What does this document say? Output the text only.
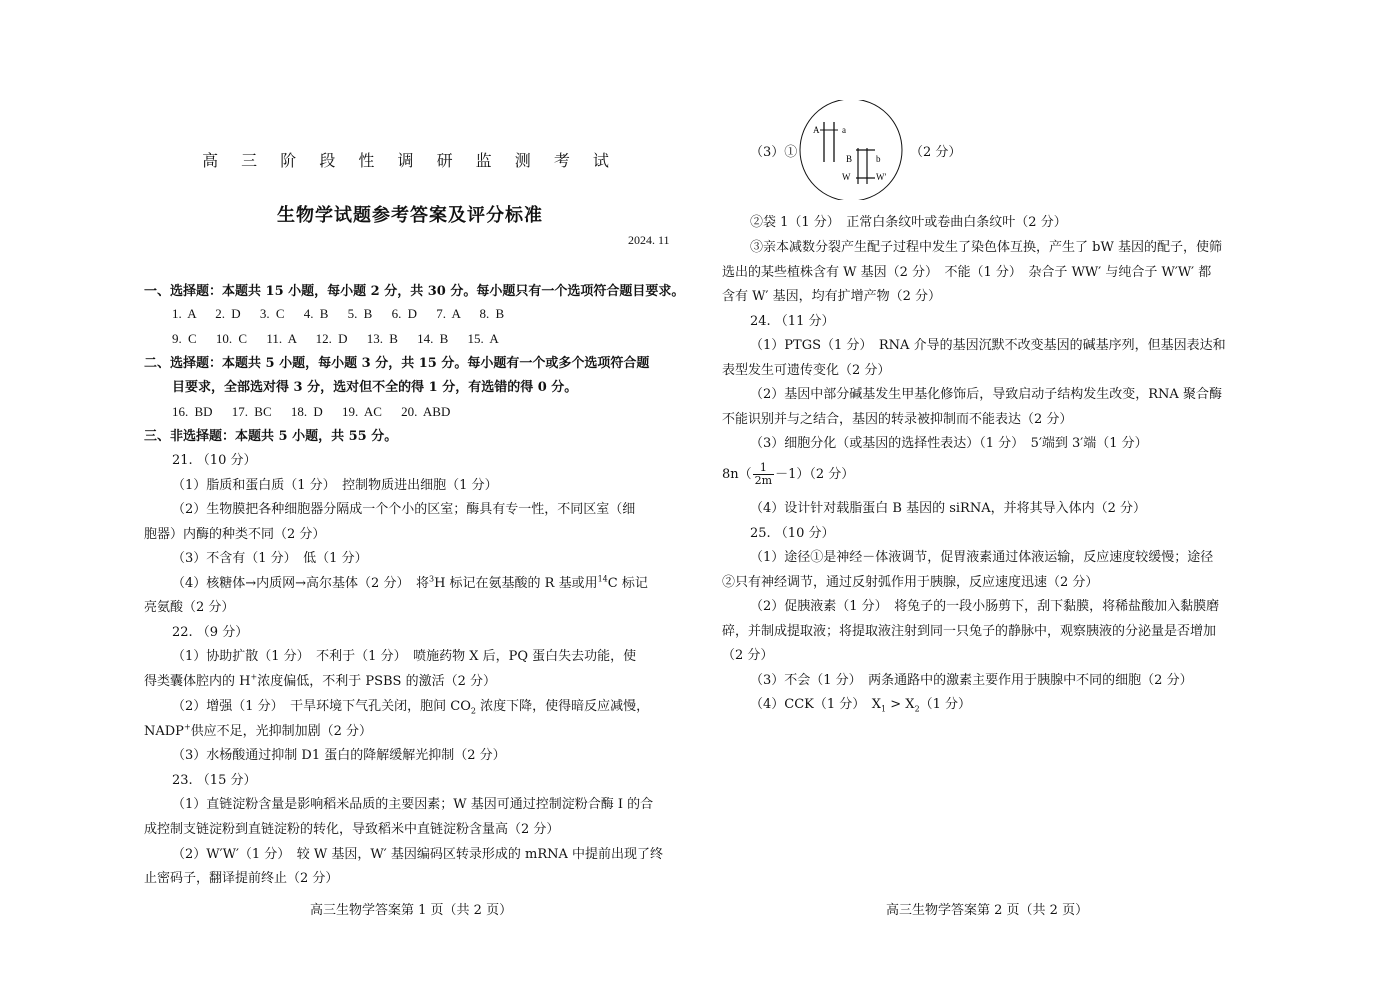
高 三 阶 段 性 调 研 监 测 考 试
生物学试题参考答案及评分标准
2024. 11
一、选择题：本题共 15 小题，每小题 2 分，共 30 分。每小题只有一个选项符合题目要求。
1. A　 2. D　 3. C　 4. B　 5. B　 6. D　 7. A　 8. B
9. C　 10. C　 11. A　 12. D　 13. B　 14. B　 15. A
二、选择题：本题共 5 小题，每小题 3 分，共 15 分。每小题有一个或多个选项符合题
目要求，全部选对得 3 分，选对但不全的得 1 分，有选错的得 0 分。
16. BD　 17. BC　 18. D　 19. AC　 20. ABD
三、非选择题：本题共 5 小题，共 55 分。
21. （10 分）
（1）脂质和蛋白质（1 分）　控制物质进出细胞（1 分）
（2）生物膜把各种细胞器分隔成一个个小的区室；酶具有专一性，不同区室（细
胞器）内酶的种类不同（2 分）
（3）不含有（1 分）　低（1 分）
（4）核糖体→内质网→高尔基体（2 分）　将$^3$H 标记在氨基酸的 R 基或用$^{14}$C 标记
亮氨酸（2 分）
22. （9 分）
（1）协助扩散（1 分）　不利于（1 分）　喷施药物 X 后，PQ 蛋白失去功能，使
得类囊体腔内的 H+浓度偏低，不利于 PSBS 的激活（2 分）
（2）增强（1 分）　干旱环境下气孔关闭，胞间 $CO_2$ 浓度下降，使得暗反应减慢，
NADP+供应不足，光抑制加剧（2 分）
（3）水杨酸通过抑制 D1 蛋白的降解缓解光抑制（2 分）
23. （15 分）
（1）直链淀粉含量是影响稻米品质的主要因素；W 基因可通过控制淀粉合酶 I 的合
成控制支链淀粉到直链淀粉的转化，导致稻米中直链淀粉含量高（2 分）
（2）W′W′（1 分）　较 W 基因，W′ 基因编码区转录形成的 mRNA 中提前出现了终
止密码子，翻译提前终止（2 分）
高三生物学答案第 1 页（共 2 页）
（3）①
A	a
B	b
W	W′
（2 分）
②袋 1（1 分）　正常白条纹叶或卷曲白条纹叶（2 分）
③亲本减数分裂产生配子过程中发生了染色体互换，产生了 bW 基因的配子，使筛
选出的某些植株含有 W 基因（2 分）　不能（1 分）　杂合子 WW′ 与纯合子 W′W′ 都
含有 W′ 基因，均有扩增产物（2 分）
24. （11 分）
（1）PTGS（1 分）　RNA 介导的基因沉默不改变基因的碱基序列，但基因表达和
表型发生可遗传变化（2 分）
（2）基因中部分碱基发生甲基化修饰后，导致启动子结构发生改变，RNA 聚合酶
不能识别并与之结合，基因的转录被抑制而不能表达（2 分）
（3）细胞分化（或基因的选择性表达）（1 分）　5′端到 3′端（1 分）
$8n( \frac{1}{2m} -1)(2$ 分）
（4）设计针对载脂蛋白 B 基因的 siRNA，并将其导入体内（2 分）
25. （10 分）
（1）途径①是神经－体液调节，促胃液素通过体液运输，反应速度较缓慢；途径
②只有神经调节，通过反射弧作用于胰腺，反应速度迅速（2 分）
（2）促胰液素（1 分）　将兔子的一段小肠剪下，刮下黏膜，将稀盐酸加入黏膜磨
碎，并制成提取液；将提取液注射到同一只兔子的静脉中，观察胰液的分泌量是否增加
（2 分）
（3）不会（1 分）　两条通路中的激素主要作用于胰腺中不同的细胞（2 分）
（4）CCK（1 分）　$X_1 > X_2(1$ 分）
高三生物学答案第 2 页（共 2 页）
